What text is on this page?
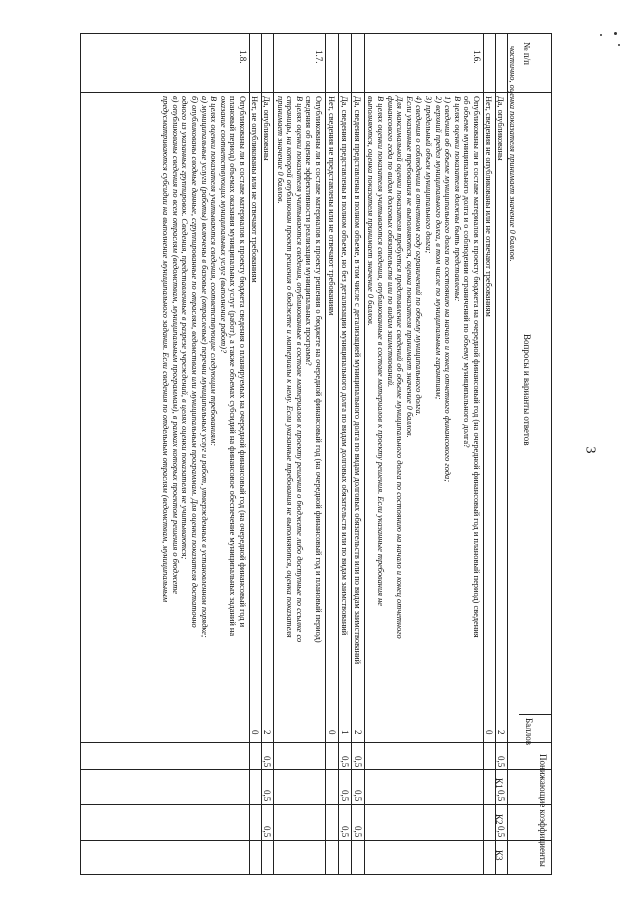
3
№ п/п
Вопросы и варианты ответов
Баллов
Понижающие коэффициенты
К1
К2
К3
частично, оценка показателя принимает значение 0 баллов.
Да, опубликованы
2
0,5
0,5
0,5
Нет, сведения не опубликованы или не отвечают требованиям
0
1.6.
Опубликованы ли в составе материалов к проекту бюджета на очередной финансовый год (на очередной финансовый год и плановый период) сведения
об объеме муниципального долга и о соблюдении ограничений по объему муниципального долга?
В целях оценки показателя должны быть представлены:
1) сведения об объеме муниципального долга по состоянию на начало и конец отчетного финансового года;
2) верхний предел муниципального долга, в том числе по муниципальным гарантиям;
3) предельный объем муниципального долга;
4) сведения о соблюдении в отчетном году ограничений по объему муниципального долга.
Если указанные требования не выполняются, оценка показателя принимает значение 0 баллов.
Для максимальной оценки показателя требуется представление сведений об объеме муниципального долга по состоянию на начало и конец отчетного
финансового года по видам долговых обязательств или по видам заимствований.
В целях оценки показателя учитываются сведения, опубликованные в составе материалов к проекту решения. Если указанные требования не
выполняются, оценка показателя принимает значение 0 баллов.
Да, сведения представлены в полном объеме, в том числе с детализацией муниципального долга по видам долговых обязательств или по видам заимствований
2
0,5
0,5
0,5
Да, сведения представлены в полном объеме, но без детализации муниципального долга по видам долговых обязательств или по видам заимствований
1
0,5
0,5
0,5
Нет, сведения не представлены или не отвечают требованиям
0
1.7.
Опубликованы ли в составе материалов к проекту решения о бюджете на очередной финансовый год (на очередной финансовый год и плановый период)
сведения об оценке эффективности реализации муниципальных программ?
В целях оценки показателя учитываются сведения, опубликованные в составе материалов к проекту решения о бюджете либо доступные по ссылке со
страницы, на которой опубликован проект решения о бюджете и материалы к нему. Если указанные требования не выполняются, оценка показателя
принимает значение 0 баллов.
Да, опубликованы
2
0,5
0,5
0,5
Нет, не опубликованы или не отвечают требованиям
0
1.8.
Опубликованы ли в составе материалов к проекту бюджета сведения о планируемых на очередной финансовый год (на очередной финансовый год и
плановый период) объемах оказания муниципальных услуг (работ), а также объемах субсидий на финансовое обеспечение муниципальных заданий на
оказание соответствующих муниципальных услуг (выполнение работ)?
В целях оценки показателя учитываются сведения, соответствующие следующим требованиям:
а) муниципальные услуги (работы) включены в базовые (отраслевые) перечни муниципальных услуг и работ, утвержденных в установленном порядке;
б) опубликованы сводные данные, сгруппированные по отраслям, ведомствам или муниципальным программам. Для оценки показателя достаточно
одного из указанных группировок. Сведения, представленные в разрезе учреждений, в целях оценки показателя не учитываются;
в) опубликованы сведения по всем отраслям (ведомствам, муниципальным программам), в рамках которых проектом решения о бюджете
предусматриваются субсидии на выполнение муниципального задания. Если сведения по отдельным отраслям (ведомствам, муниципальным
